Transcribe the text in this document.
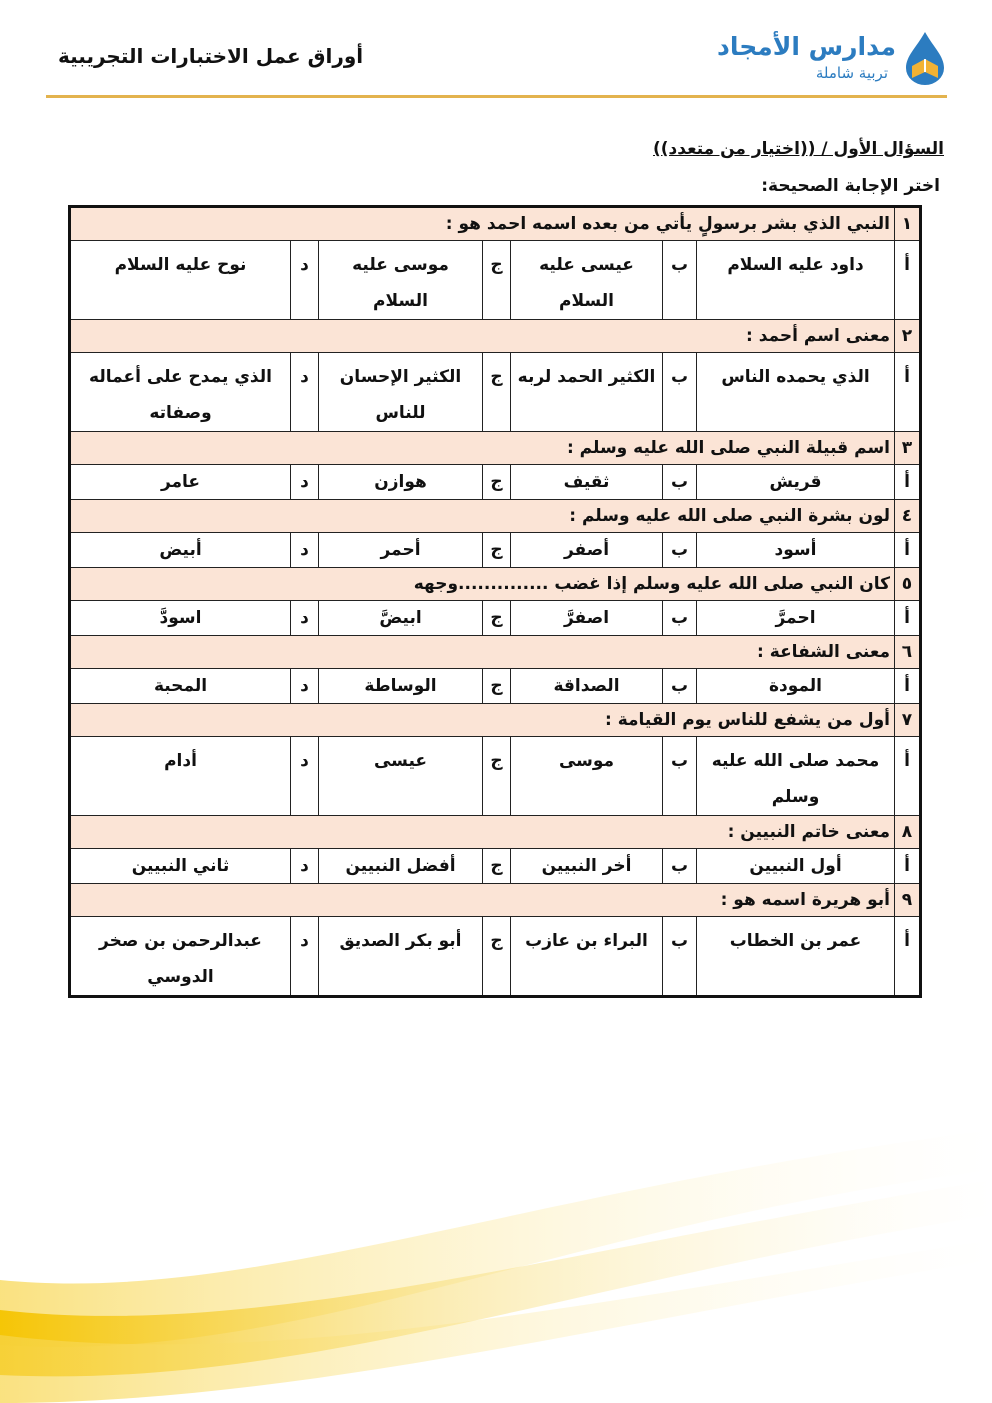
أوراق عمل الاختبارات التجريبية	مدارس الأمجاد
تربية شاملة
السؤال الأول / ((اختيار من متعدد))
اختر الإجابة الصحيحة:
١	النبي الذي بشر برسولٍ يأتي من بعده اسمه احمد هو :						
أ	داود عليه السلام	ب	عيسى عليه السلام	ج	موسى عليه السلام	د	نوح عليه السلام
٢	معنى اسم أحمد :						
أ	الذي يحمده الناس	ب	الكثير الحمد لربه	ج	الكثير الإحسان للناس	د	الذي يمدح على أعماله وصفاته
٣	اسم قبيلة النبي صلى الله عليه وسلم :						
أ	قريش	ب	ثقيف	ج	هوازن	د	عامر
٤	لون بشرة النبي صلى الله عليه وسلم :						
أ	أسود	ب	أصفر	ج	أحمر	د	أبيض
٥	كان النبي صلى الله عليه وسلم إذا غضب ..............وجهه						
أ	احمرَّ	ب	اصفرَّ	ج	ابيضَّ	د	اسودَّ
٦	معنى الشفاعة :						
أ	المودة	ب	الصداقة	ج	الوساطة	د	المحبة
٧	أول من يشفع للناس يوم القيامة :						
أ	محمد صلى الله عليه وسلم	ب	موسى	ج	عيسى	د	أدام
٨	معنى خاتم النبيين :						
أ	أول النبيين	ب	أخر النبيين	ج	أفضل النبيين	د	ثاني النبيين
٩	أبو هريرة اسمه هو :						
أ	عمر بن الخطاب	ب	البراء بن عازب	ج	أبو بكر الصديق	د	عبدالرحمن بن صخر الدوسي
